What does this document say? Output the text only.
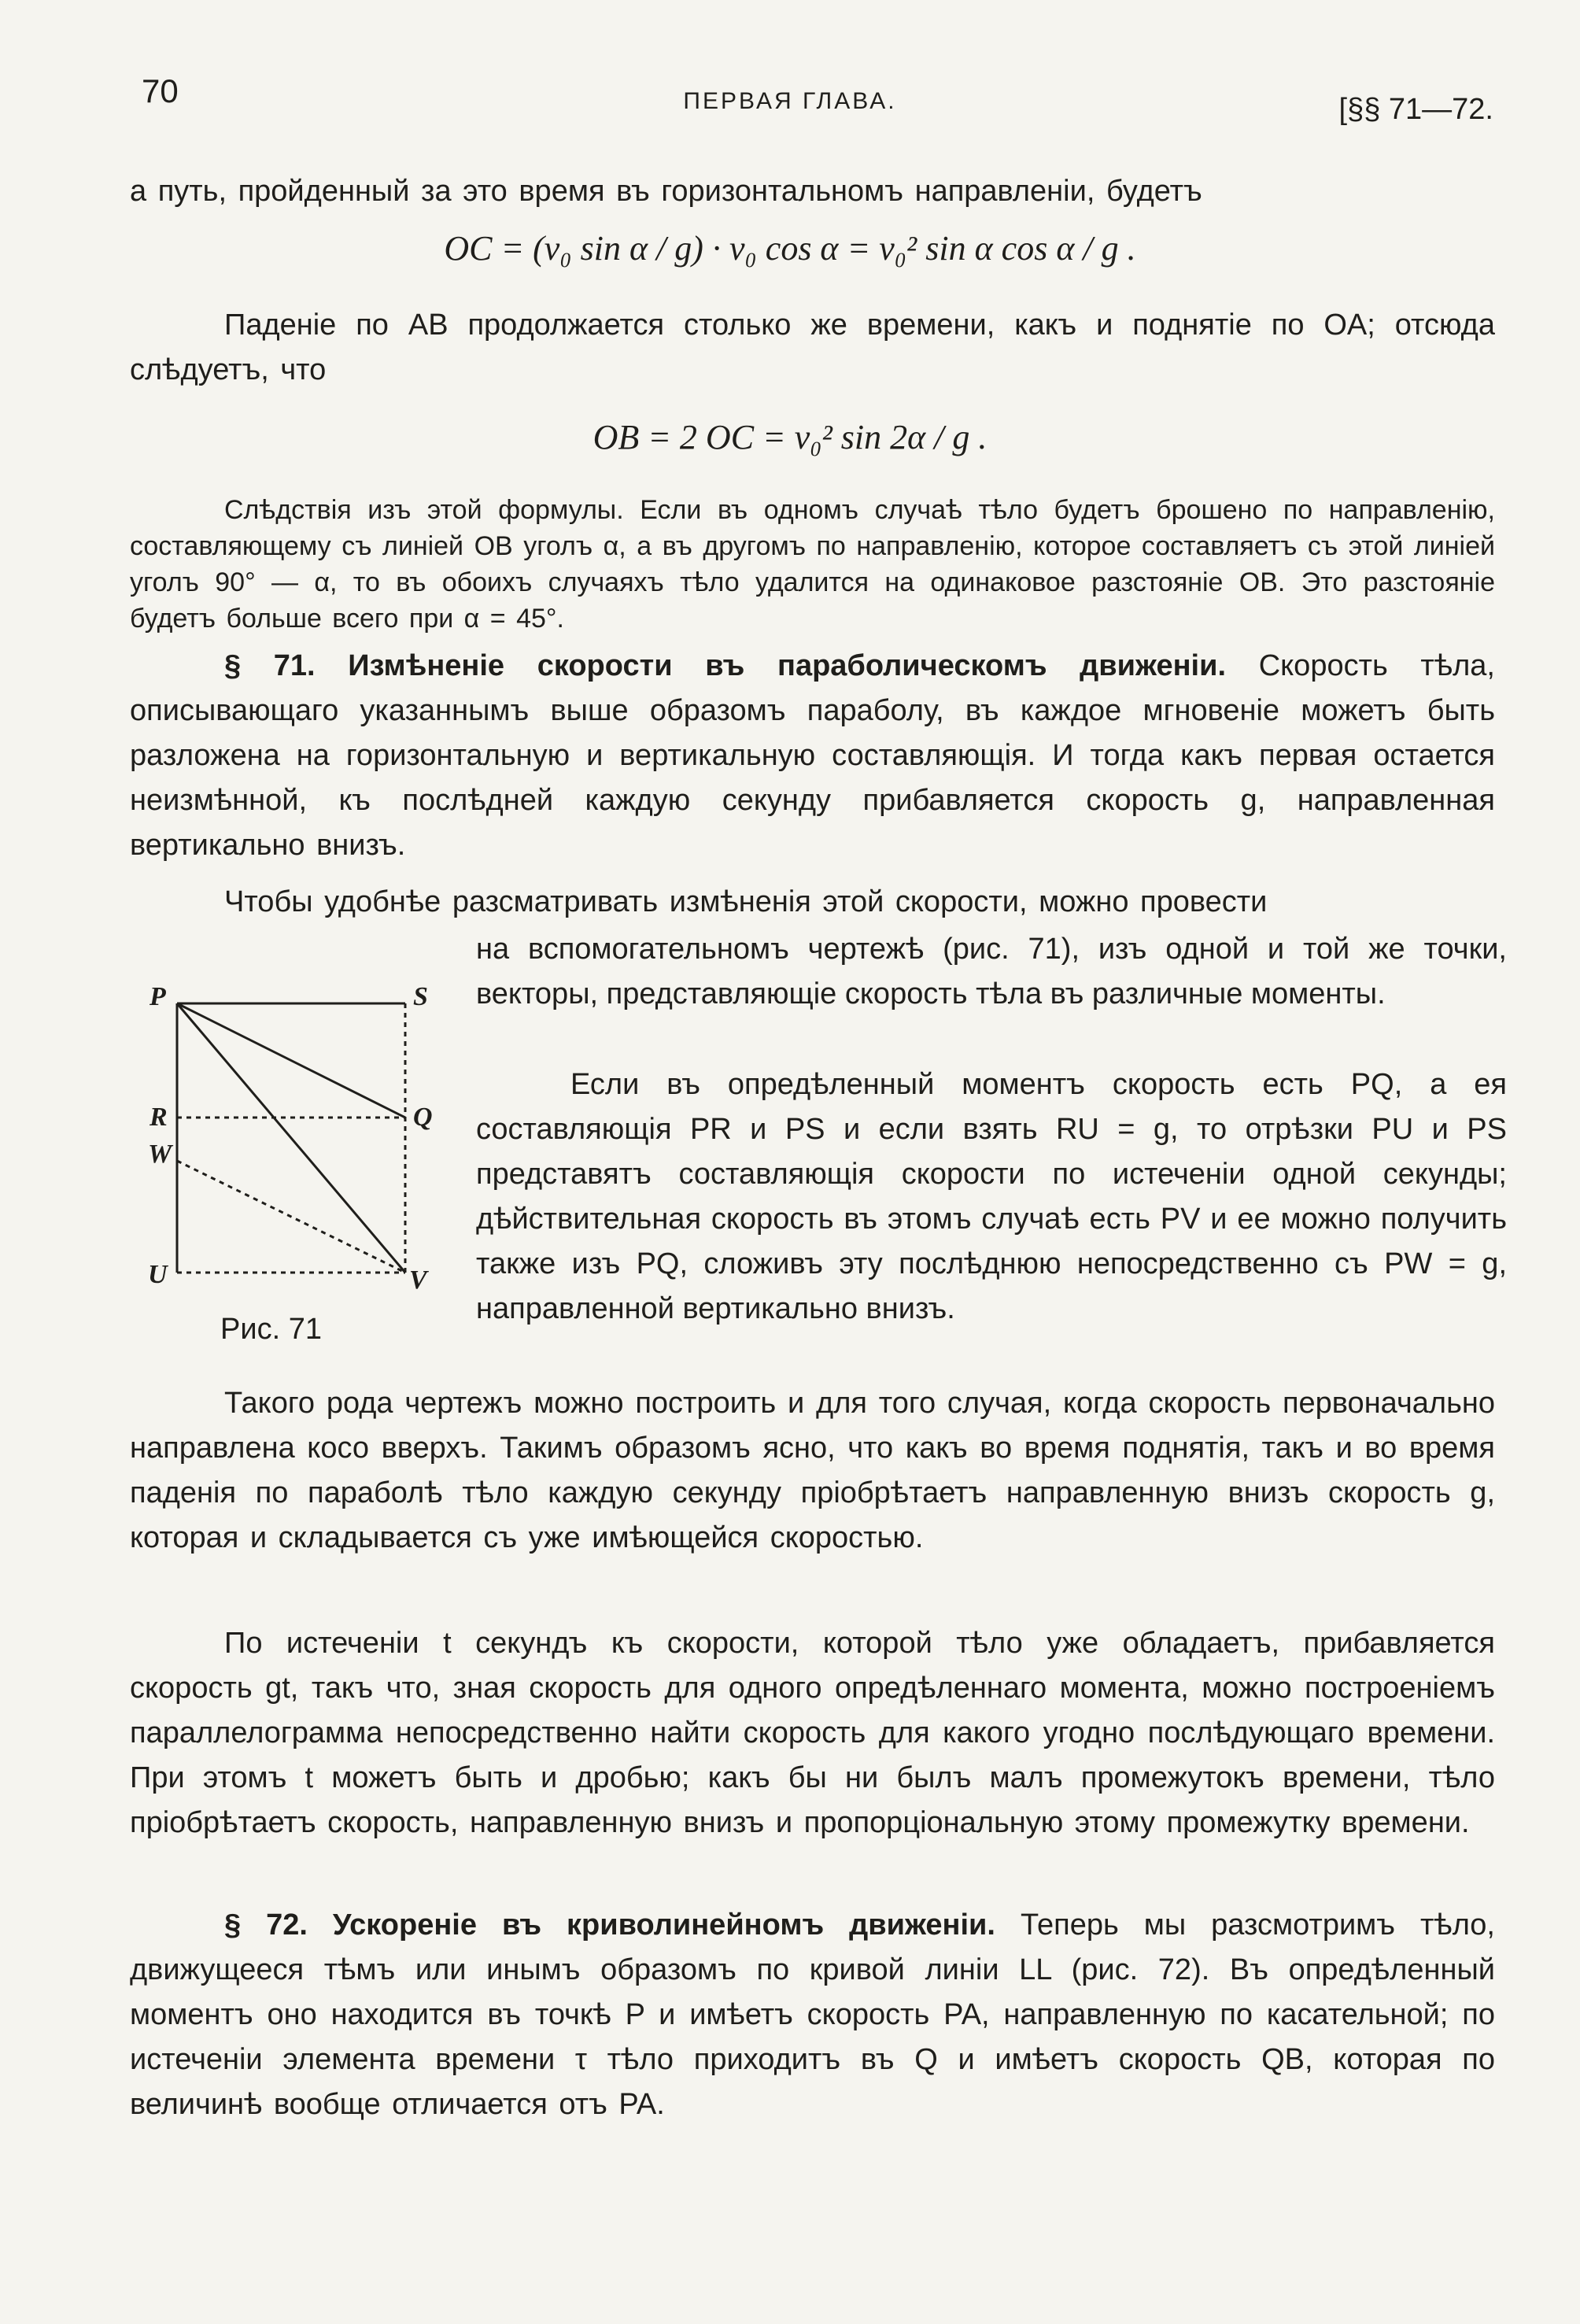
70	ПЕРВАЯ ГЛАВА.	[§§ 71—72.
а путь, пройденный за это время въ горизонтальномъ направленіи, будетъ
OC = (v₀ sin α / g) · v₀ cos α = v₀² sin α cos α / g .
Паденіе по AB продолжается столько же времени, какъ и поднятіе по OA; отсюда слѣдуетъ, что
OB = 2 OC = v₀² sin 2α / g .
Слѣдствія изъ этой формулы. Если въ одномъ случаѣ тѣло будетъ брошено по направленію, составляющему съ линіей OB уголъ α, а въ другомъ по направленію, которое составляетъ съ этой линіей уголъ 90° — α, то въ обоихъ случаяхъ тѣло удалится на одинаковое разстояніе OB. Это разстояніе будетъ больше всего при α = 45°.
§ 71. Измѣненіе скорости въ параболическомъ движеніи. Скорость тѣла, описывающаго указаннымъ выше образомъ параболу, въ каждое мгновеніе можетъ быть разложена на горизонтальную и вертикальную составляющія. И тогда какъ первая остается неизмѣнной, къ послѣдней каждую секунду прибавляется скорость g, направленная вертикально внизъ.
Чтобы удобнѣе разсматривать измѣненія этой скорости, можно провести
на вспомогательномъ чертежѣ (рис. 71), изъ одной и той же точки, векторы, представляющіе скорость тѣла въ различные моменты.
Если въ опредѣленный моментъ скорость есть PQ, а ея составляющія PR и PS и если взять RU = g, то отрѣзки PU и PS представятъ составляющія скорости по истеченіи одной секунды; дѣйствительная скорость въ этомъ случаѣ есть PV и ее можно получить также изъ PQ, сложивъ эту послѣднюю непосредственно съ PW = g, направленной вертикально внизъ.
P	S
R	Q
W
U	V
Рис. 71
Такого рода чертежъ можно построить и для того случая, когда скорость первоначально направлена косо вверхъ. Такимъ образомъ ясно, что какъ во время поднятія, такъ и во время паденія по параболѣ тѣло каждую секунду пріобрѣтаетъ направленную внизъ скорость g, которая и складывается съ уже имѣющейся скоростью.
По истеченіи t секундъ къ скорости, которой тѣло уже обладаетъ, прибавляется скорость gt, такъ что, зная скорость для одного опредѣленнаго момента, можно построеніемъ параллелограмма непосредственно найти скорость для какого угодно послѣдующаго времени. При этомъ t можетъ быть и дробью; какъ бы ни былъ малъ промежутокъ времени, тѣло пріобрѣтаетъ скорость, направленную внизъ и пропорціональную этому промежутку времени.
§ 72. Ускореніе въ криволинейномъ движеніи. Теперь мы разсмотримъ тѣло, движущееся тѣмъ или инымъ образомъ по кривой линіи LL (рис. 72). Въ опредѣленный моментъ оно находится въ точкѣ P и имѣетъ скорость PA, направленную по касательной; по истеченіи элемента времени τ тѣло приходитъ въ Q и имѣетъ скорость QB, которая по величинѣ вообще отличается отъ PA.
